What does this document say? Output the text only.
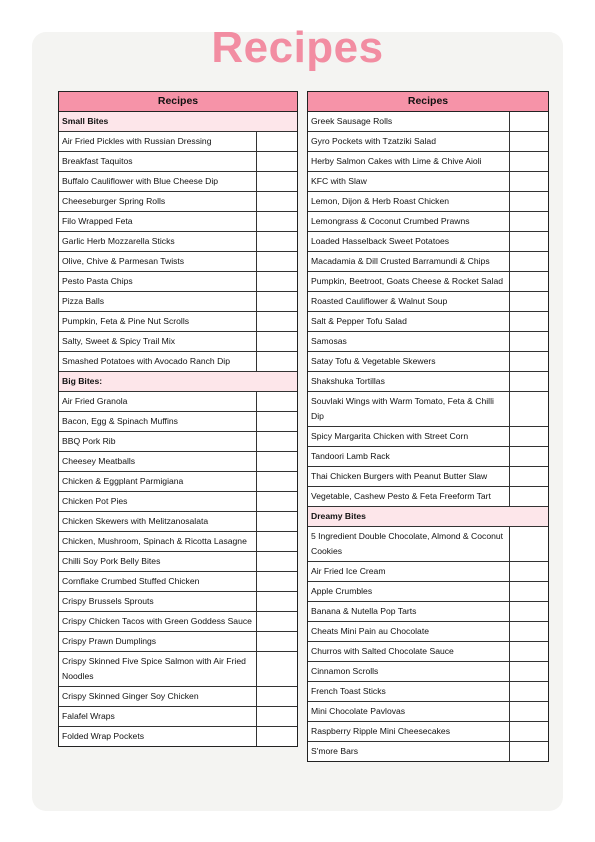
Recipes
Recipes
Small Bites
Air Fried Pickles with Russian Dressing
Breakfast Taquitos
Buffalo Cauliflower with Blue Cheese Dip
Cheeseburger Spring Rolls
Filo Wrapped Feta
Garlic Herb Mozzarella Sticks
Olive, Chive & Parmesan Twists
Pesto Pasta Chips
Pizza Balls
Pumpkin, Feta & Pine Nut Scrolls
Salty, Sweet & Spicy Trail Mix
Smashed Potatoes with Avocado Ranch Dip
Big Bites:
Air Fried Granola
Bacon, Egg & Spinach Muffins
BBQ Pork Rib
Cheesey Meatballs
Chicken & Eggplant Parmigiana
Chicken Pot Pies
Chicken Skewers with Melitzanosalata
Chicken, Mushroom, Spinach & Ricotta Lasagne
Chilli Soy Pork Belly Bites
Cornflake Crumbed Stuffed Chicken
Crispy Brussels Sprouts
Crispy Chicken Tacos with Green Goddess Sauce
Crispy Prawn Dumplings
Crispy Skinned Five Spice Salmon with Air Fried Noodles
Crispy Skinned Ginger Soy Chicken
Falafel Wraps
Folded Wrap Pockets
Recipes
Greek Sausage Rolls
Gyro Pockets with Tzatziki Salad
Herby Salmon Cakes with Lime & Chive Aioli
KFC with Slaw
Lemon, Dijon & Herb Roast Chicken
Lemongrass & Coconut Crumbed Prawns
Loaded Hasselback Sweet Potatoes
Macadamia & Dill Crusted Barramundi & Chips
Pumpkin, Beetroot, Goats Cheese & Rocket Salad
Roasted Cauliflower & Walnut Soup
Salt & Pepper Tofu Salad
Samosas
Satay Tofu & Vegetable Skewers
Shakshuka Tortillas
Souvlaki Wings with Warm Tomato, Feta & Chilli Dip
Spicy Margarita Chicken with Street Corn
Tandoori Lamb Rack
Thai Chicken Burgers with Peanut Butter Slaw
Vegetable, Cashew Pesto & Feta Freeform Tart
Dreamy Bites
5 Ingredient Double Chocolate, Almond & Coconut Cookies
Air Fried Ice Cream
Apple Crumbles
Banana & Nutella Pop Tarts
Cheats Mini Pain au Chocolate
Churros with Salted Chocolate Sauce
Cinnamon Scrolls
French Toast Sticks
Mini Chocolate Pavlovas
Raspberry Ripple Mini Cheesecakes
S'more Bars
